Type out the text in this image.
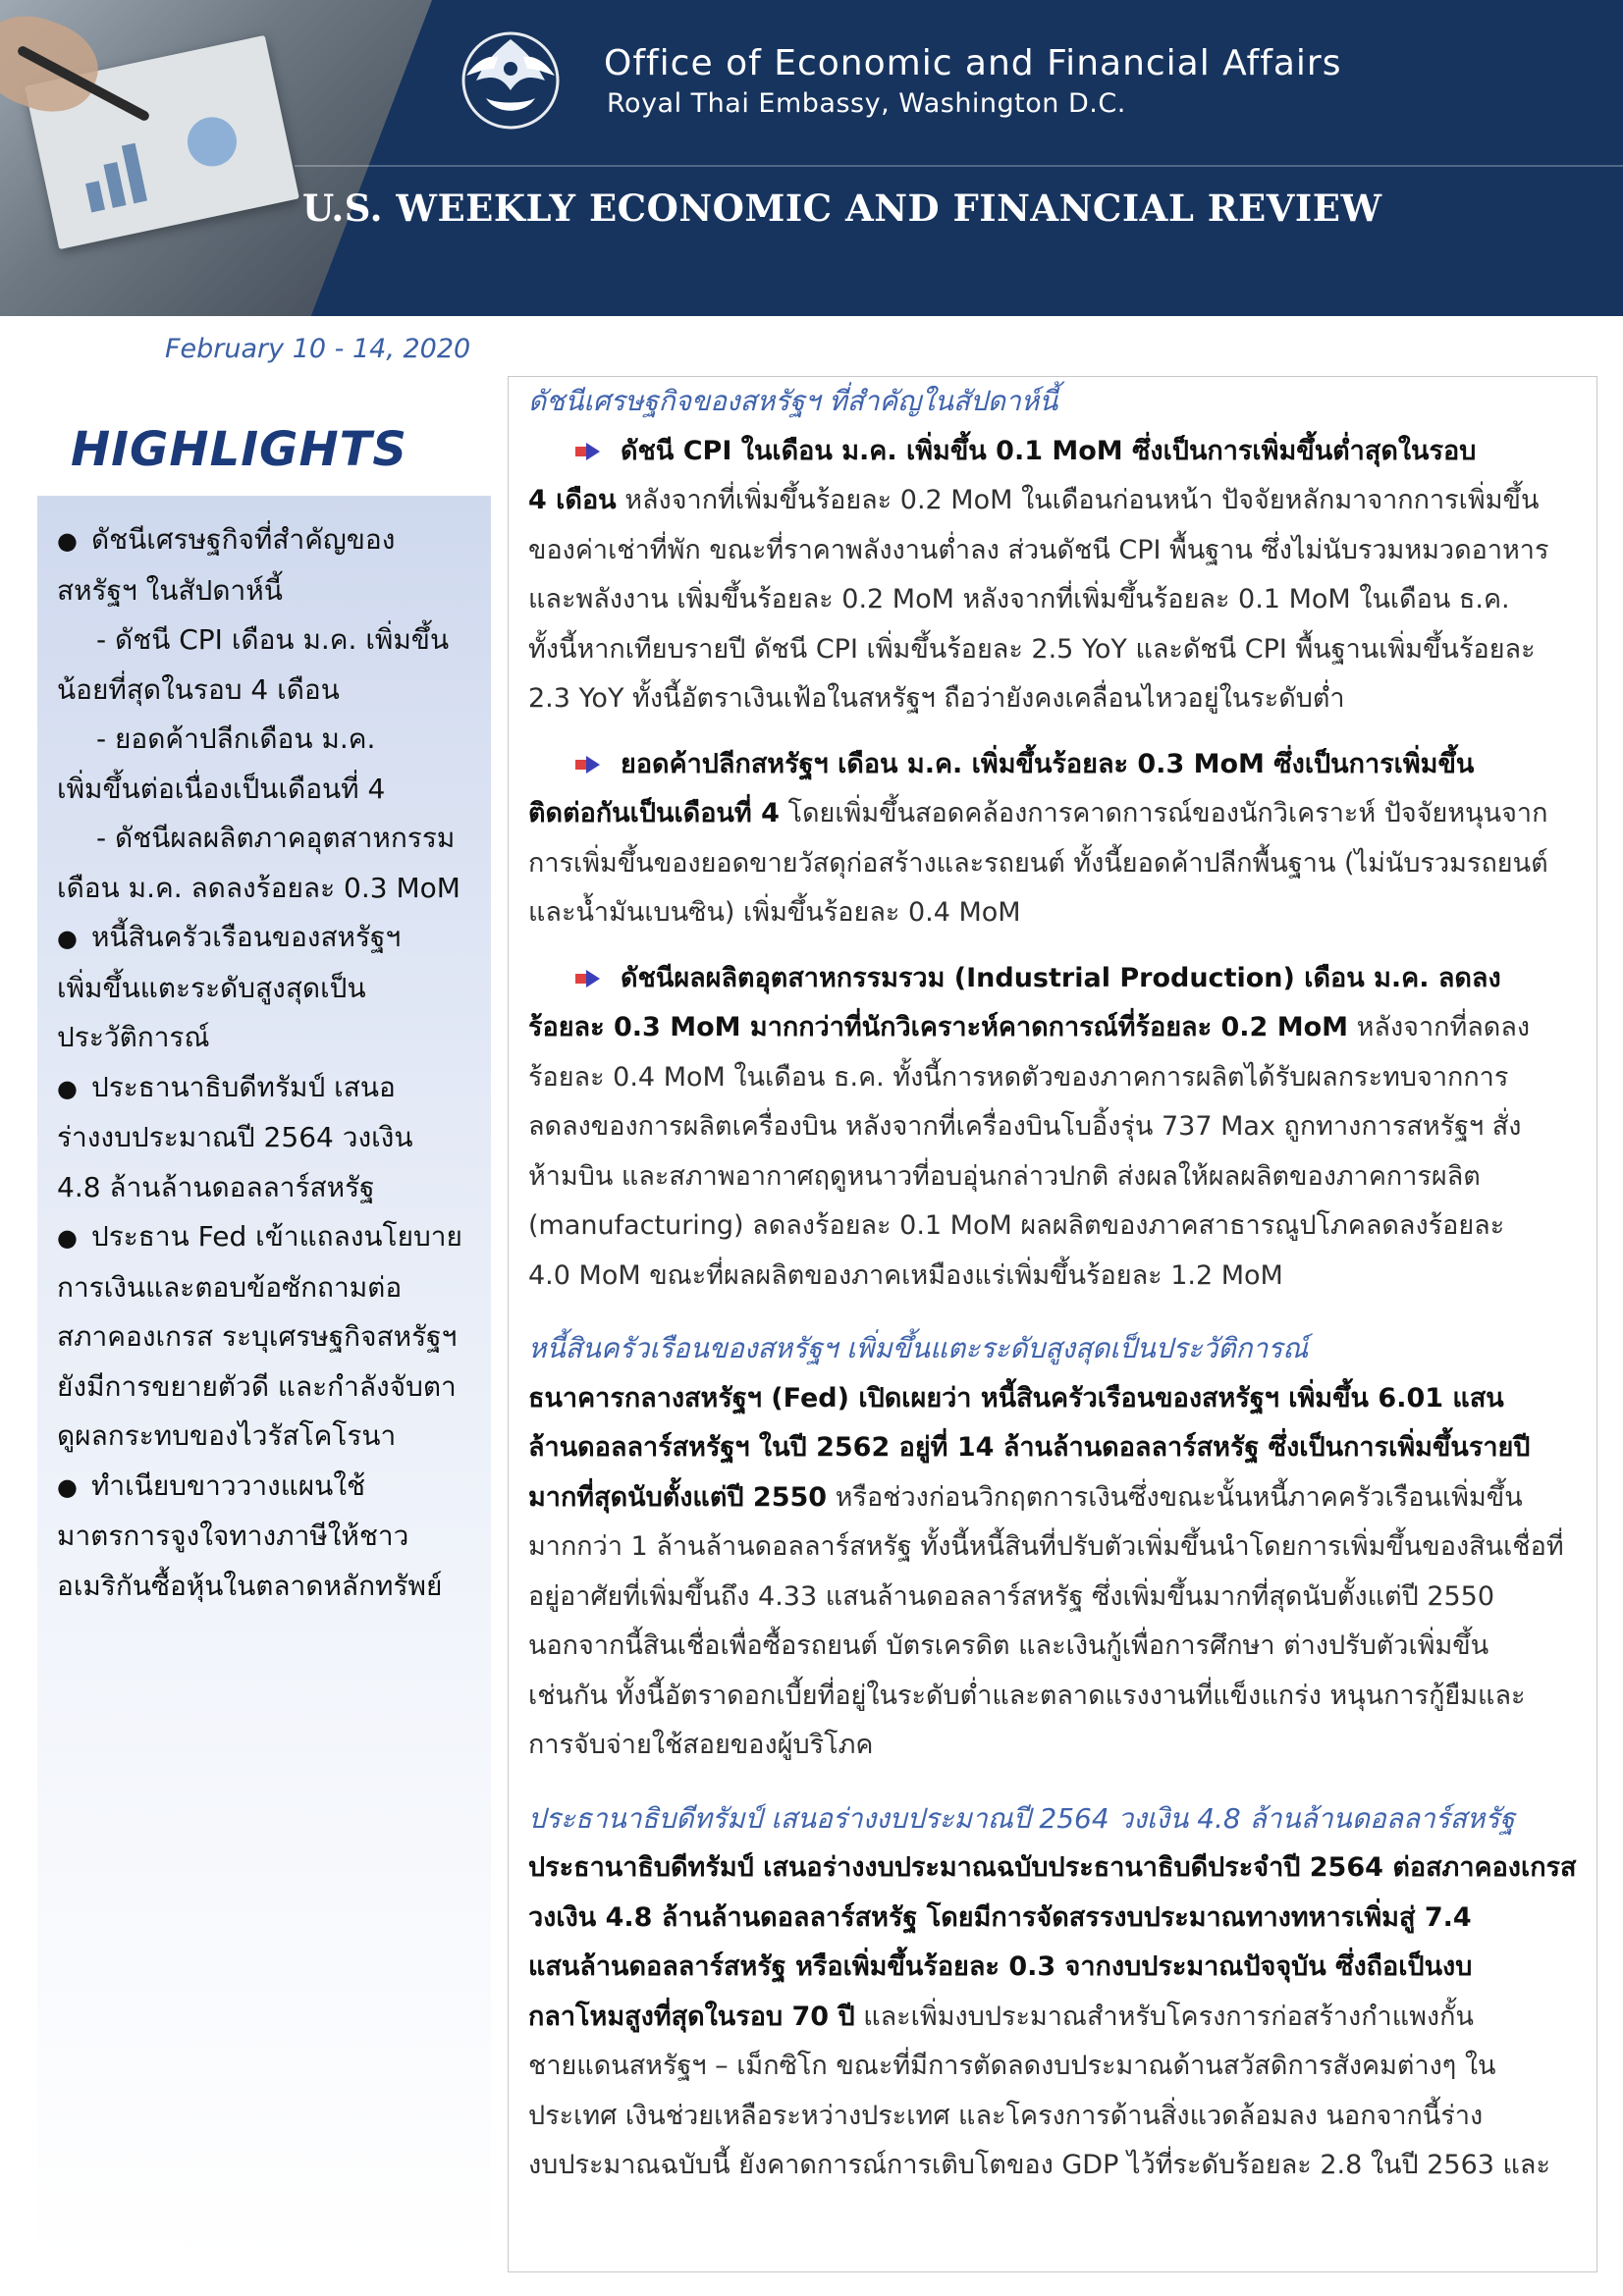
Office of Economic and Financial Affairs
Royal Thai Embassy, Washington D.C.
U.S. WEEKLY ECONOMIC AND FINANCIAL REVIEW
February 10 - 14, 2020
HIGHLIGHTS
● ดัชนีเศรษฐกิจที่สำคัญของ
สหรัฐฯ ในสัปดาห์นี้
- ดัชนี CPI เดือน ม.ค. เพิ่มขึ้น
น้อยที่สุดในรอบ 4 เดือน
- ยอดค้าปลีกเดือน ม.ค.
เพิ่มขึ้นต่อเนื่องเป็นเดือนที่ 4
- ดัชนีผลผลิตภาคอุตสาหกรรม
เดือน ม.ค. ลดลงร้อยละ 0.3 MoM
● หนี้สินครัวเรือนของสหรัฐฯ
เพิ่มขึ้นแตะระดับสูงสุดเป็น
ประวัติการณ์
● ประธานาธิบดีทรัมป์ เสนอ
ร่างงบประมาณปี 2564 วงเงิน
4.8 ล้านล้านดอลลาร์สหรัฐ
● ประธาน Fed เข้าแถลงนโยบาย
การเงินและตอบข้อซักถามต่อ
สภาคองเกรส ระบุเศรษฐกิจสหรัฐฯ
ยังมีการขยายตัวดี และกำลังจับตา
ดูผลกระทบของไวรัสโคโรนา
● ทำเนียบขาววางแผนใช้
มาตรการจูงใจทางภาษีให้ชาว
อเมริกันซื้อหุ้นในตลาดหลักทรัพย์
ดัชนีเศรษฐกิจของสหรัฐฯ ที่สำคัญในสัปดาห์นี้
ดัชนี CPI ในเดือน ม.ค. เพิ่มขึ้น 0.1 MoM ซึ่งเป็นการเพิ่มขึ้นต่ำสุดในรอบ
4 เดือน หลังจากที่เพิ่มขึ้นร้อยละ 0.2 MoM ในเดือนก่อนหน้า ปัจจัยหลักมาจากการเพิ่มขึ้น
ของค่าเช่าที่พัก ขณะที่ราคาพลังงานต่ำลง ส่วนดัชนี CPI พื้นฐาน ซึ่งไม่นับรวมหมวดอาหาร
และพลังงาน เพิ่มขึ้นร้อยละ 0.2 MoM หลังจากที่เพิ่มขึ้นร้อยละ 0.1 MoM ในเดือน ธ.ค.
ทั้งนี้หากเทียบรายปี ดัชนี CPI เพิ่มขึ้นร้อยละ 2.5 YoY และดัชนี CPI พื้นฐานเพิ่มขึ้นร้อยละ
2.3 YoY ทั้งนี้อัตราเงินเฟ้อในสหรัฐฯ ถือว่ายังคงเคลื่อนไหวอยู่ในระดับต่ำ
ยอดค้าปลีกสหรัฐฯ เดือน ม.ค. เพิ่มขึ้นร้อยละ 0.3 MoM ซึ่งเป็นการเพิ่มขึ้น
ติดต่อกันเป็นเดือนที่ 4 โดยเพิ่มขึ้นสอดคล้องการคาดการณ์ของนักวิเคราะห์ ปัจจัยหนุนจาก
การเพิ่มขึ้นของยอดขายวัสดุก่อสร้างและรถยนต์ ทั้งนี้ยอดค้าปลีกพื้นฐาน (ไม่นับรวมรถยนต์
และน้ำมันเบนซิน) เพิ่มขึ้นร้อยละ 0.4 MoM
ดัชนีผลผลิตอุตสาหกรรมรวม (Industrial Production) เดือน ม.ค. ลดลง
ร้อยละ 0.3 MoM มากกว่าที่นักวิเคราะห์คาดการณ์ที่ร้อยละ 0.2 MoM หลังจากที่ลดลง
ร้อยละ 0.4 MoM ในเดือน ธ.ค. ทั้งนี้การหดตัวของภาคการผลิตได้รับผลกระทบจากการ
ลดลงของการผลิตเครื่องบิน หลังจากที่เครื่องบินโบอิ้งรุ่น 737 Max ถูกทางการสหรัฐฯ สั่ง
ห้ามบิน และสภาพอากาศฤดูหนาวที่อบอุ่นกล่าวปกติ ส่งผลให้ผลผลิตของภาคการผลิต
(manufacturing) ลดลงร้อยละ 0.1 MoM ผลผลิตของภาคสาธารณูปโภคลดลงร้อยละ
4.0 MoM ขณะที่ผลผลิตของภาคเหมืองแร่เพิ่มขึ้นร้อยละ 1.2 MoM
หนี้สินครัวเรือนของสหรัฐฯ เพิ่มขึ้นแตะระดับสูงสุดเป็นประวัติการณ์
ธนาคารกลางสหรัฐฯ (Fed) เปิดเผยว่า หนี้สินครัวเรือนของสหรัฐฯ เพิ่มขึ้น 6.01 แสน
ล้านดอลลาร์สหรัฐฯ ในปี 2562 อยู่ที่ 14 ล้านล้านดอลลาร์สหรัฐ ซึ่งเป็นการเพิ่มขึ้นรายปี
มากที่สุดนับตั้งแต่ปี 2550 หรือช่วงก่อนวิกฤตการเงินซึ่งขณะนั้นหนี้ภาคครัวเรือนเพิ่มขึ้น
มากกว่า 1 ล้านล้านดอลลาร์สหรัฐ ทั้งนี้หนี้สินที่ปรับตัวเพิ่มขึ้นนำโดยการเพิ่มขึ้นของสินเชื่อที่
อยู่อาศัยที่เพิ่มขึ้นถึง 4.33 แสนล้านดอลลาร์สหรัฐ ซึ่งเพิ่มขึ้นมากที่สุดนับตั้งแต่ปี 2550
นอกจากนี้สินเชื่อเพื่อซื้อรถยนต์ บัตรเครดิต และเงินกู้เพื่อการศึกษา ต่างปรับตัวเพิ่มขึ้น
เช่นกัน ทั้งนี้อัตราดอกเบี้ยที่อยู่ในระดับต่ำและตลาดแรงงานที่แข็งแกร่ง หนุนการกู้ยืมและ
การจับจ่ายใช้สอยของผู้บริโภค
ประธานาธิบดีทรัมป์ เสนอร่างงบประมาณปี 2564 วงเงิน 4.8 ล้านล้านดอลลาร์สหรัฐ
ประธานาธิบดีทรัมป์ เสนอร่างงบประมาณฉบับประธานาธิบดีประจำปี 2564 ต่อสภาคองเกรส
วงเงิน 4.8 ล้านล้านดอลลาร์สหรัฐ โดยมีการจัดสรรงบประมาณทางทหารเพิ่มสู่ 7.4
แสนล้านดอลลาร์สหรัฐ หรือเพิ่มขึ้นร้อยละ 0.3 จากงบประมาณปัจจุบัน ซึ่งถือเป็นงบ
กลาโหมสูงที่สุดในรอบ 70 ปี และเพิ่มงบประมาณสำหรับโครงการก่อสร้างกำแพงกั้น
ชายแดนสหรัฐฯ – เม็กซิโก ขณะที่มีการตัดลดงบประมาณด้านสวัสดิการสังคมต่างๆ ใน
ประเทศ เงินช่วยเหลือระหว่างประเทศ และโครงการด้านสิ่งแวดล้อมลง นอกจากนี้ร่าง
งบประมาณฉบับนี้ ยังคาดการณ์การเติบโตของ GDP ไว้ที่ระดับร้อยละ 2.8 ในปี 2563 และ
